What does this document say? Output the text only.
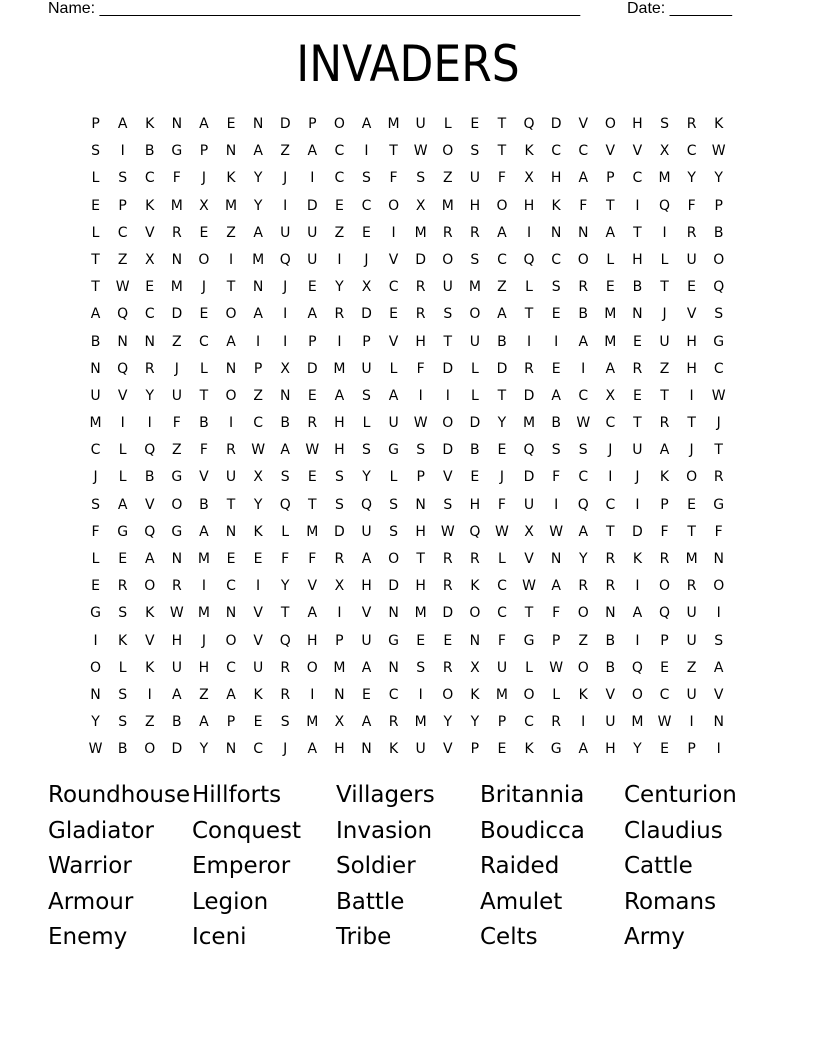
Name: ______________________________________________________	Date: _______
INVADERS
P	A	K	N	A	E	N	D	P	O	A	M	U	L	E	T	Q	D	V	O	H	S	R	K
S	I	B	G	P	N	A	Z	A	C	I	T	W	O	S	T	K	C	C	V	V	X	C	W
L	S	C	F	J	K	Y	J	I	C	S	F	S	Z	U	F	X	H	A	P	C	M	Y	Y
E	P	K	M	X	M	Y	I	D	E	C	O	X	M	H	O	H	K	F	T	I	Q	F	P
L	C	V	R	E	Z	A	U	U	Z	E	I	M	R	R	A	I	N	N	A	T	I	R	B
T	Z	X	N	O	I	M	Q	U	I	J	V	D	O	S	C	Q	C	O	L	H	L	U	O
T	W	E	M	J	T	N	J	E	Y	X	C	R	U	M	Z	L	S	R	E	B	T	E	Q
A	Q	C	D	E	O	A	I	A	R	D	E	R	S	O	A	T	E	B	M	N	J	V	S
B	N	N	Z	C	A	I	I	P	I	P	V	H	T	U	B	I	I	A	M	E	U	H	G
N	Q	R	J	L	N	P	X	D	M	U	L	F	D	L	D	R	E	I	A	R	Z	H	C
U	V	Y	U	T	O	Z	N	E	A	S	A	I	I	L	T	D	A	C	X	E	T	I	W
M	I	I	F	B	I	C	B	R	H	L	U	W	O	D	Y	M	B	W	C	T	R	T	J
C	L	Q	Z	F	R	W	A	W	H	S	G	S	D	B	E	Q	S	S	J	U	A	J	T
J	L	B	G	V	U	X	S	E	S	Y	L	P	V	E	J	D	F	C	I	J	K	O	R
S	A	V	O	B	T	Y	Q	T	S	Q	S	N	S	H	F	U	I	Q	C	I	P	E	G
F	G	Q	G	A	N	K	L	M	D	U	S	H	W	Q	W	X	W	A	T	D	F	T	F
L	E	A	N	M	E	E	F	F	R	A	O	T	R	R	L	V	N	Y	R	K	R	M	N
E	R	O	R	I	C	I	Y	V	X	H	D	H	R	K	C	W	A	R	R	I	O	R	O
G	S	K	W	M	N	V	T	A	I	V	N	M	D	O	C	T	F	O	N	A	Q	U	I
I	K	V	H	J	O	V	Q	H	P	U	G	E	E	N	F	G	P	Z	B	I	P	U	S
O	L	K	U	H	C	U	R	O	M	A	N	S	R	X	U	L	W	O	B	Q	E	Z	A
N	S	I	A	Z	A	K	R	I	N	E	C	I	O	K	M	O	L	K	V	O	C	U	V
Y	S	Z	B	A	P	E	S	M	X	A	R	M	Y	Y	P	C	R	I	U	M	W	I	N
W	B	O	D	Y	N	C	J	A	H	N	K	U	V	P	E	K	G	A	H	Y	E	P	I
Roundhouse Hillforts	Villagers	Britannia	Centurion
Gladiator	Conquest	Invasion	Boudicca	Claudius
Warrior	Emperor	Soldier	Raided	Cattle
Armour	Legion	Battle	Amulet	Romans
Enemy	Iceni	Tribe	Celts	Army
